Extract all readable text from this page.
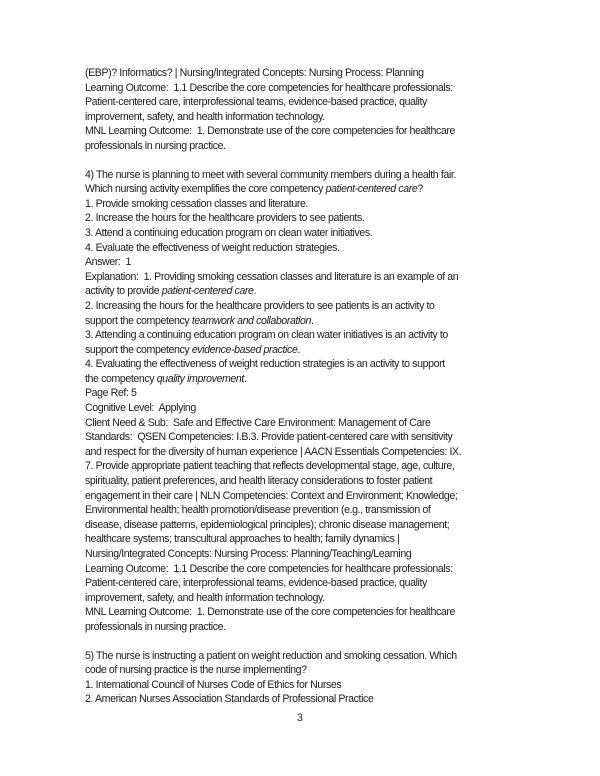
(EBP)? Informatics? | Nursing/Integrated Concepts: Nursing Process: Planning
Learning Outcome:  1.1 Describe the core competencies for healthcare professionals:
Patient-centered care, interprofessional teams, evidence-based practice, quality
improvement, safety, and health information technology.
MNL Learning Outcome:  1. Demonstrate use of the core competencies for healthcare
professionals in nursing practice.
4) The nurse is planning to meet with several community members during a health fair.
Which nursing activity exemplifies the core competency patient-centered care?
1. Provide smoking cessation classes and literature.
2. Increase the hours for the healthcare providers to see patients.
3. Attend a continuing education program on clean water initiatives.
4. Evaluate the effectiveness of weight reduction strategies.
Answer:  1
Explanation:  1. Providing smoking cessation classes and literature is an example of an
activity to provide patient-centered care.
2. Increasing the hours for the healthcare providers to see patients is an activity to
support the competency teamwork and collaboration.
3. Attending a continuing education program on clean water initiatives is an activity to
support the competency evidence-based practice.
4. Evaluating the effectiveness of weight reduction strategies is an activity to support
the competency quality improvement.
Page Ref: 5
Cognitive Level:  Applying
Client Need & Sub:  Safe and Effective Care Environment: Management of Care
Standards:  QSEN Competencies: I.B.3. Provide patient-centered care with sensitivity
and respect for the diversity of human experience | AACN Essentials Competencies: IX.
7. Provide appropriate patient teaching that reflects developmental stage, age, culture,
spirituality, patient preferences, and health literacy considerations to foster patient
engagement in their care | NLN Competencies: Context and Environment; Knowledge;
Environmental health; health promotion/disease prevention (e.g., transmission of
disease, disease patterns, epidemiological principles); chronic disease management;
healthcare systems; transcultural approaches to health; family dynamics |
Nursing/Integrated Concepts: Nursing Process: Planning/Teaching/Learning
Learning Outcome:  1.1 Describe the core competencies for healthcare professionals:
Patient-centered care, interprofessional teams, evidence-based practice, quality
improvement, safety, and health information technology.
MNL Learning Outcome:  1. Demonstrate use of the core competencies for healthcare
professionals in nursing practice.
5) The nurse is instructing a patient on weight reduction and smoking cessation. Which
code of nursing practice is the nurse implementing?
1. International Council of Nurses Code of Ethics for Nurses
2. American Nurses Association Standards of Professional Practice
3
